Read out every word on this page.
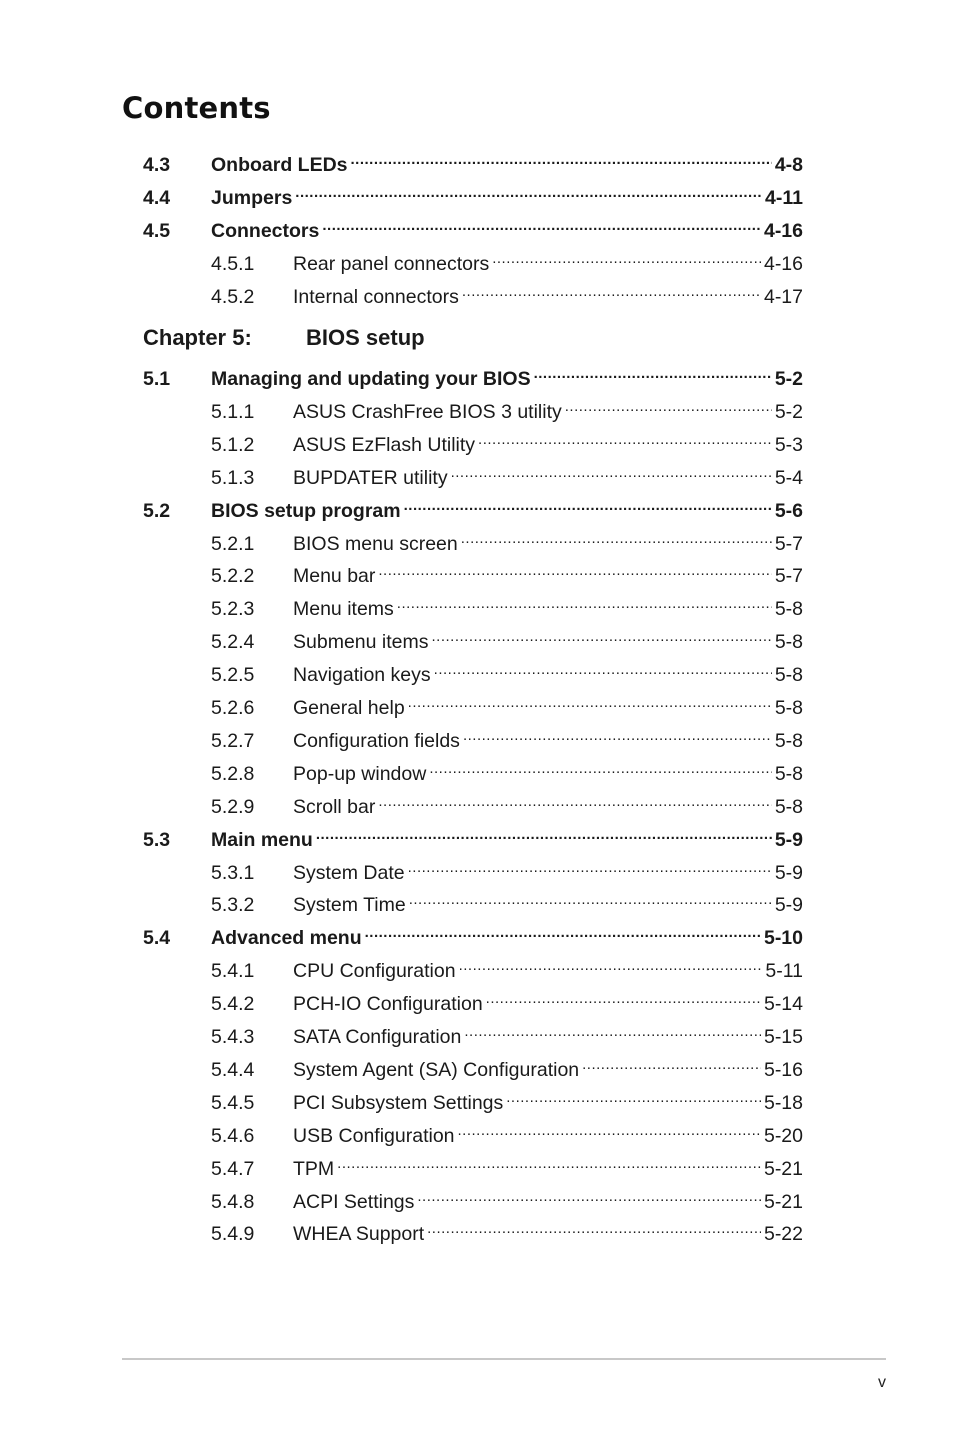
Contents
Chapter 5: BIOS setup
4.3	Onboard LEDs .....	4-8
4.4	Jumpers .....	4-11
4.5	Connectors .....	4-16
4.5.1	Rear panel connectors .....	4-16
4.5.2	Internal connectors .....	4-17
5.1	Managing and updating your BIOS .....	5-2
5.1.1	ASUS CrashFree BIOS 3 utility .....	5-2
5.1.2	ASUS EzFlash Utility .....	5-3
5.1.3	BUPDATER utility .....	5-4
5.2	BIOS setup program .....	5-6
5.2.1	BIOS menu screen .....	5-7
5.2.2	Menu bar .....	5-7
5.2.3	Menu items .....	5-8
5.2.4	Submenu items .....	5-8
5.2.5	Navigation keys .....	5-8
5.2.6	General help .....	5-8
5.2.7	Configuration fields .....	5-8
5.2.8	Pop-up window .....	5-8
5.2.9	Scroll bar .....	5-8
5.3	Main menu .....	5-9
5.3.1	System Date .....	5-9
5.3.2	System Time .....	5-9
5.4	Advanced menu .....	5-10
5.4.1	CPU Configuration .....	5-11
5.4.2	PCH-IO Configuration .....	5-14
5.4.3	SATA Configuration .....	5-15
5.4.4	System Agent (SA) Configuration .....	5-16
5.4.5	PCI Subsystem Settings .....	5-18
5.4.6	USB Configuration .....	5-20
5.4.7	TPM .....	5-21
5.4.8	ACPI Settings .....	5-21
5.4.9	WHEA Support .....	5-22
v
